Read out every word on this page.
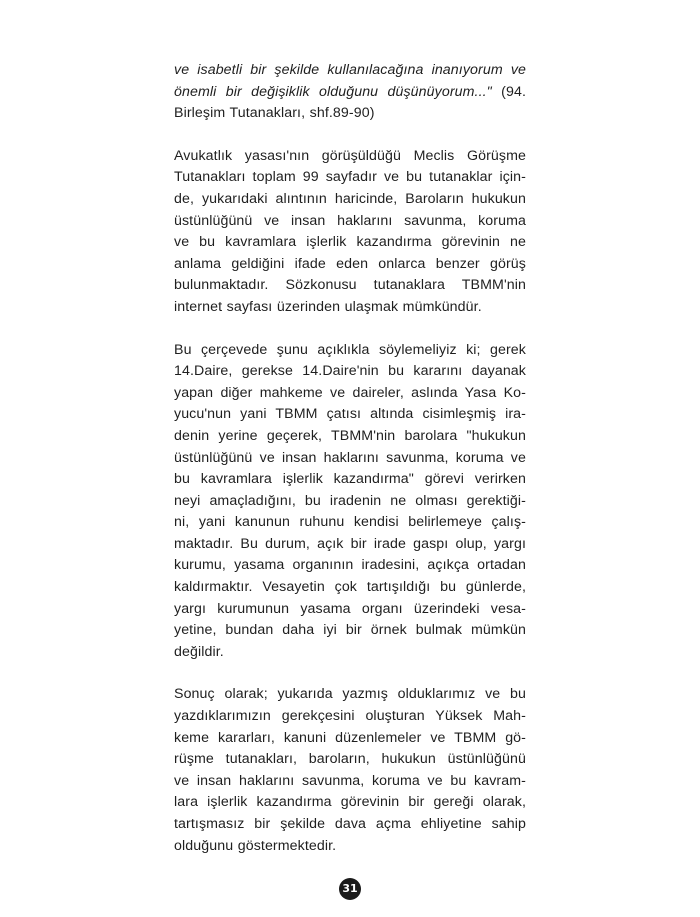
ve isabetli bir şekilde kullanılacağına inanıyorum ve
önemli bir değişiklik olduğunu düşünüyorum..." (94.
Birleşim Tutanakları, shf.89-90)
Avukatlık yasası'nın görüşüldüğü Meclis Görüşme
Tutanakları toplam 99 sayfadır ve bu tutanaklar için-
de, yukarıdaki alıntının haricinde, Baroların hukukun
üstünlüğünü ve insan haklarını savunma, koruma
ve bu kavramlara işlerlik kazandırma görevinin ne
anlama geldiğini ifade eden onlarca benzer görüş
bulunmaktadır. Sözkonusu tutanaklara TBMM'nin
internet sayfası üzerinden ulaşmak mümkündür.
Bu çerçevede şunu açıklıkla söylemeliyiz ki; gerek
14.Daire, gerekse 14.Daire'nin bu kararını dayanak
yapan diğer mahkeme ve daireler, aslında Yasa Ko-
yucu'nun yani TBMM çatısı altında cisimleşmiş ira-
denin yerine geçerek, TBMM'nin barolara "hukukun
üstünlüğünü ve insan haklarını savunma, koruma ve
bu kavramlara işlerlik kazandırma" görevi verirken
neyi amaçladığını, bu iradenin ne olması gerektiği-
ni, yani kanunun ruhunu kendisi belirlemeye çalış-
maktadır. Bu durum, açık bir irade gaspı olup, yargı
kurumu, yasama organının iradesini, açıkça ortadan
kaldırmaktır. Vesayetin çok tartışıldığı bu günlerde,
yargı kurumunun yasama organı üzerindeki vesa-
yetine, bundan daha iyi bir örnek bulmak mümkün
değildir.
Sonuç olarak; yukarıda yazmış olduklarımız ve bu
yazdıklarımızın gerekçesini oluşturan Yüksek Mah-
keme kararları, kanuni düzenlemeler ve TBMM gö-
rüşme tutanakları, baroların, hukukun üstünlüğünü
ve insan haklarını savunma, koruma ve bu kavram-
lara işlerlik kazandırma görevinin bir gereği olarak,
tartışmasız bir şekilde dava açma ehliyetine sahip
olduğunu göstermektedir.
31
